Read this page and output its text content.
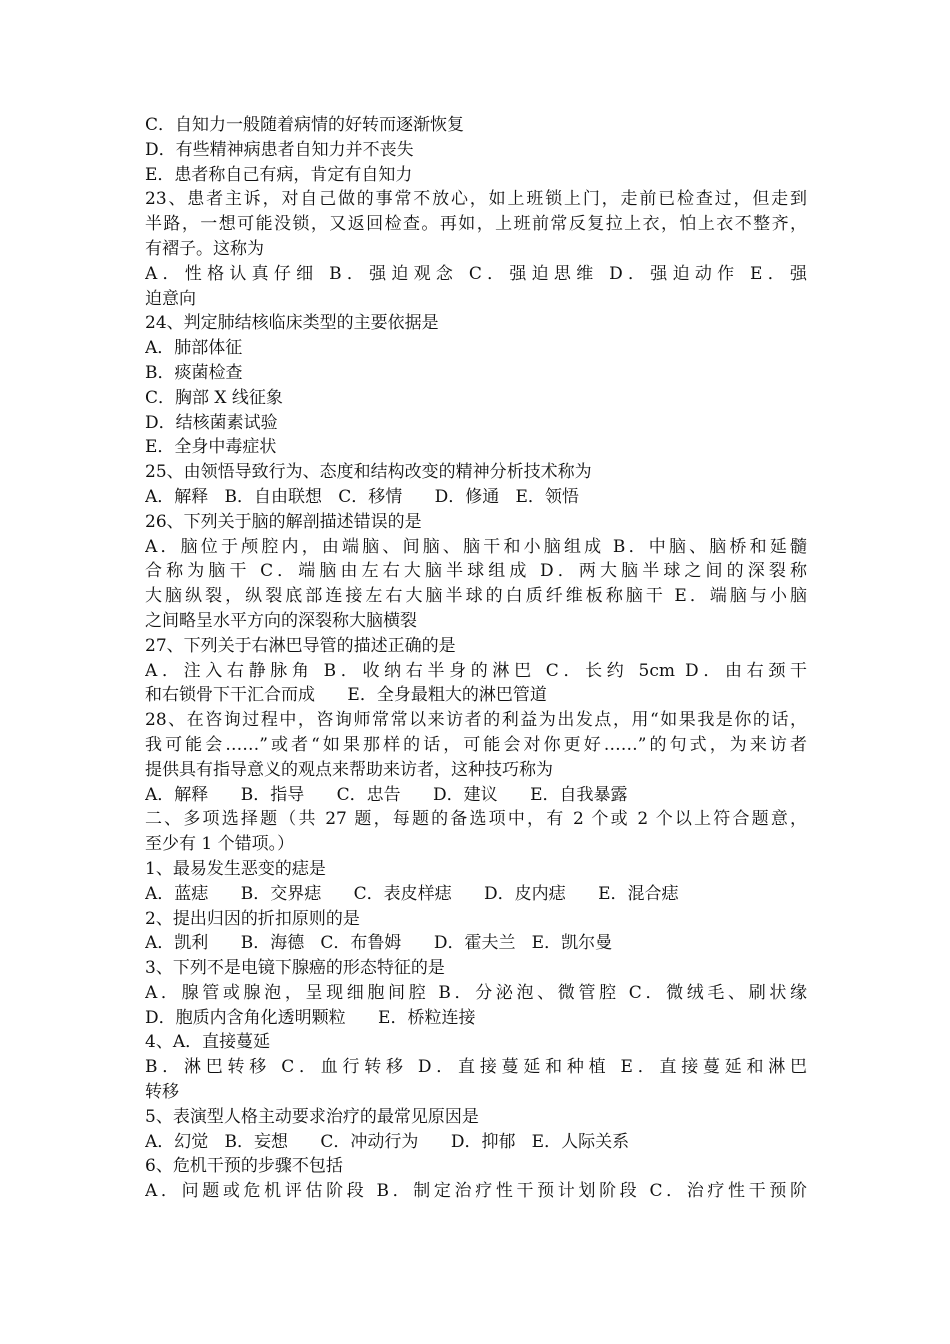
C．自知力一般随着病情的好转而逐渐恢复
D．有些精神病患者自知力并不丧失
E．患者称自己有病，肯定有自知力
23、患者主诉，对自己做的事常不放心，如上班锁上门，走前已检查过，但走到
半路，一想可能没锁，又返回检查。再如，上班前常反复拉上衣，怕上衣不整齐，
有褶子。这称为
A．性格认真仔细 B．强迫观念 C．强迫思维 D．强迫动作 E．强
迫意向
24、判定肺结核临床类型的主要依据是
A．肺部体征
B．痰菌检查
C．胸部 X 线征象
D．结核菌素试验
E．全身中毒症状
25、由领悟导致行为、态度和结构改变的精神分析技术称为
A．解释   B．自由联想   C．移情      D．修通   E．领悟
26、下列关于脑的解剖描述错误的是
A．脑位于颅腔内，由端脑、间脑、脑干和小脑组成 B．中脑、脑桥和延髓
合称为脑干 C．端脑由左右大脑半球组成 D．两大脑半球之间的深裂称
大脑纵裂，纵裂底部连接左右大脑半球的白质纤维板称脑干 E．端脑与小脑
之间略呈水平方向的深裂称大脑横裂
27、下列关于右淋巴导管的描述正确的是
A．注入右静脉角 B．收纳右半身的淋巴 C．长约 5cm D．由右颈干
和右锁骨下干汇合而成      E．全身最粗大的淋巴管道
28、在咨询过程中，咨询师常常以来访者的利益为出发点，用“如果我是你的话，
我可能会……”或者“如果那样的话，可能会对你更好……”的句式，为来访者
提供具有指导意义的观点来帮助来访者，这种技巧称为
A．解释      B．指导      C．忠告      D．建议      E．自我暴露
二、多项选择题（共 27 题，每题的备选项中，有 2 个或 2 个以上符合题意，
至少有 1 个错项。）
1、最易发生恶变的痣是
A．蓝痣      B．交界痣      C．表皮样痣      D．皮内痣      E．混合痣
2、提出归因的折扣原则的是
A．凯利      B．海德   C．布鲁姆      D．霍夫兰   E．凯尔曼
3、下列不是电镜下腺癌的形态特征的是
A．腺管或腺泡，呈现细胞间腔 B．分泌泡、微管腔 C．微绒毛、刷状缘
D．胞质内含角化透明颗粒      E．桥粒连接
4、A．直接蔓延
B．淋巴转移 C．血行转移 D．直接蔓延和种植 E．直接蔓延和淋巴
转移
5、表演型人格主动要求治疗的最常见原因是
A．幻觉   B．妄想      C．冲动行为      D．抑郁   E．人际关系
6、危机干预的步骤不包括
A．问题或危机评估阶段 B．制定治疗性干预计划阶段 C．治疗性干预阶
